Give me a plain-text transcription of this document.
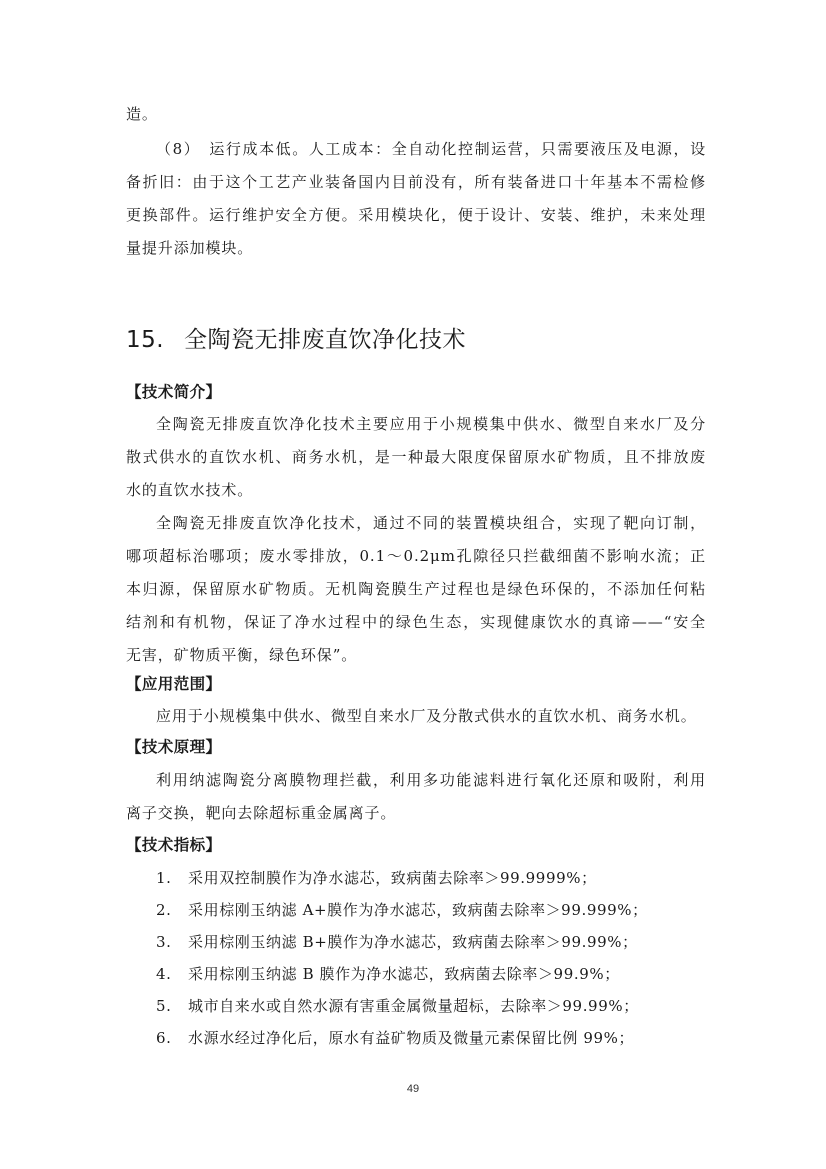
造。
（8）　运行成本低。人工成本：全自动化控制运营，只需要液压及电源，设
备折旧：由于这个工艺产业装备国内目前没有，所有装备进口十年基本不需检修
更换部件。运行维护安全方便。采用模块化，便于设计、安装、维护，未来处理
量提升添加模块。
15. 全陶瓷无排废直饮净化技术
【技术简介】
全陶瓷无排废直饮净化技术主要应用于小规模集中供水、微型自来水厂及分
散式供水的直饮水机、商务水机，是一种最大限度保留原水矿物质，且不排放废
水的直饮水技术。
全陶瓷无排废直饮净化技术，通过不同的装置模块组合，实现了靶向订制，
哪项超标治哪项；废水零排放，0.1～0.2μm孔隙径只拦截细菌不影响水流；正
本归源，保留原水矿物质。无机陶瓷膜生产过程也是绿色环保的，不添加任何粘
结剂和有机物，保证了净水过程中的绿色生态，实现健康饮水的真谛——“安全
无害，矿物质平衡，绿色环保”。
【应用范围】
应用于小规模集中供水、微型自来水厂及分散式供水的直饮水机、商务水机。
【技术原理】
利用纳滤陶瓷分离膜物理拦截，利用多功能滤料进行氧化还原和吸附，利用
离子交换，靶向去除超标重金属离子。
【技术指标】
1. 采用双控制膜作为净水滤芯，致病菌去除率＞99.9999%；
2. 采用棕刚玉纳滤 A+膜作为净水滤芯，致病菌去除率＞99.999%；
3. 采用棕刚玉纳滤 B+膜作为净水滤芯，致病菌去除率＞99.99%；
4. 采用棕刚玉纳滤 B 膜作为净水滤芯，致病菌去除率＞99.9%；
5. 城市自来水或自然水源有害重金属微量超标，去除率＞99.99%；
6. 水源水经过净化后，原水有益矿物质及微量元素保留比例 99%；
49
